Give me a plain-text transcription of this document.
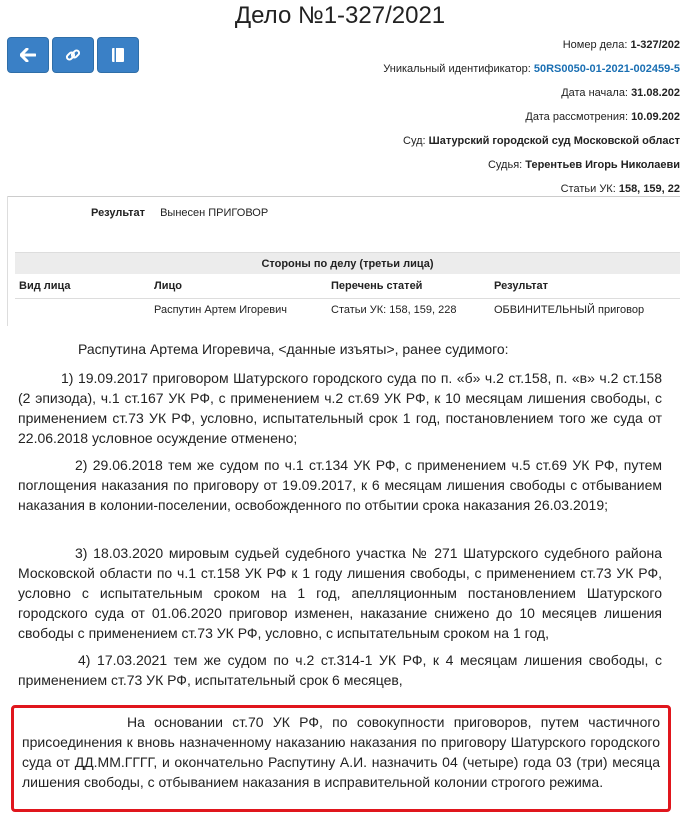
Дело №1-327/2021
Номер дела: 1-327/202
Уникальный идентификатор: 50RS0050-01-2021-002459-5
Дата начала: 31.08.202
Дата рассмотрения: 10.09.202
Суд: Шатурский городской суд Московской област
Судья: Терентьев Игорь Николаеви
Статьи УК: 158, 159, 22
Результат Вынесен ПРИГОВОР
Стороны по делу (третьи лица)
Вид лица	Лицо	Перечень статей	Результат
	Распутин Артем Игоревич	Статьи УК: 158, 159, 228	ОБВИНИТЕЛЬНЫЙ приговор
Распутина Артема Игоревича, <данные изъяты>, ранее судимого:
1) 19.09.2017 приговором Шатурского городского суда по п. «б» ч.2 ст.158, п. «в» ч.2 ст.158 (2 эпизода), ч.1 ст.167 УК РФ, с применением ч.2 ст.69 УК РФ, к 10 месяцам лишения свободы, с применением ст.73 УК РФ, условно, испытательный срок 1 год, постановлением того же суда от 22.06.2018 условное осуждение отменено;
2) 29.06.2018 тем же судом по ч.1 ст.134 УК РФ, с применением ч.5 ст.69 УК РФ, путем поглощения наказания по приговору от 19.09.2017, к 6 месяцам лишения свободы с отбыванием наказания в колонии-поселении, освобожденного по отбытии срока наказания 26.03.2019;
3) 18.03.2020 мировым судьей судебного участка № 271 Шатурского судебного района Московской области по ч.1 ст.158 УК РФ к 1 году лишения свободы, с применением ст.73 УК РФ, условно с испытательным сроком на 1 год, апелляционным постановлением Шатурского городского суда от 01.06.2020 приговор изменен, наказание снижено до 10 месяцев лишения свободы с применением ст.73 УК РФ, условно, с испытательным сроком на 1 год,
4) 17.03.2021 тем же судом по ч.2 ст.314-1 УК РФ, к 4 месяцам лишения свободы, с применением ст.73 УК РФ, испытательный срок 6 месяцев,
На основании ст.70 УК РФ, по совокупности приговоров, путем частичного присоединения к вновь назначенному наказанию наказания по приговору Шатурского городского суда от ДД.ММ.ГГГГ, и окончательно Распутину А.И. назначить 04 (четыре) года 03 (три) месяца лишения свободы, с отбыванием наказания в исправительной колонии строгого режима.
